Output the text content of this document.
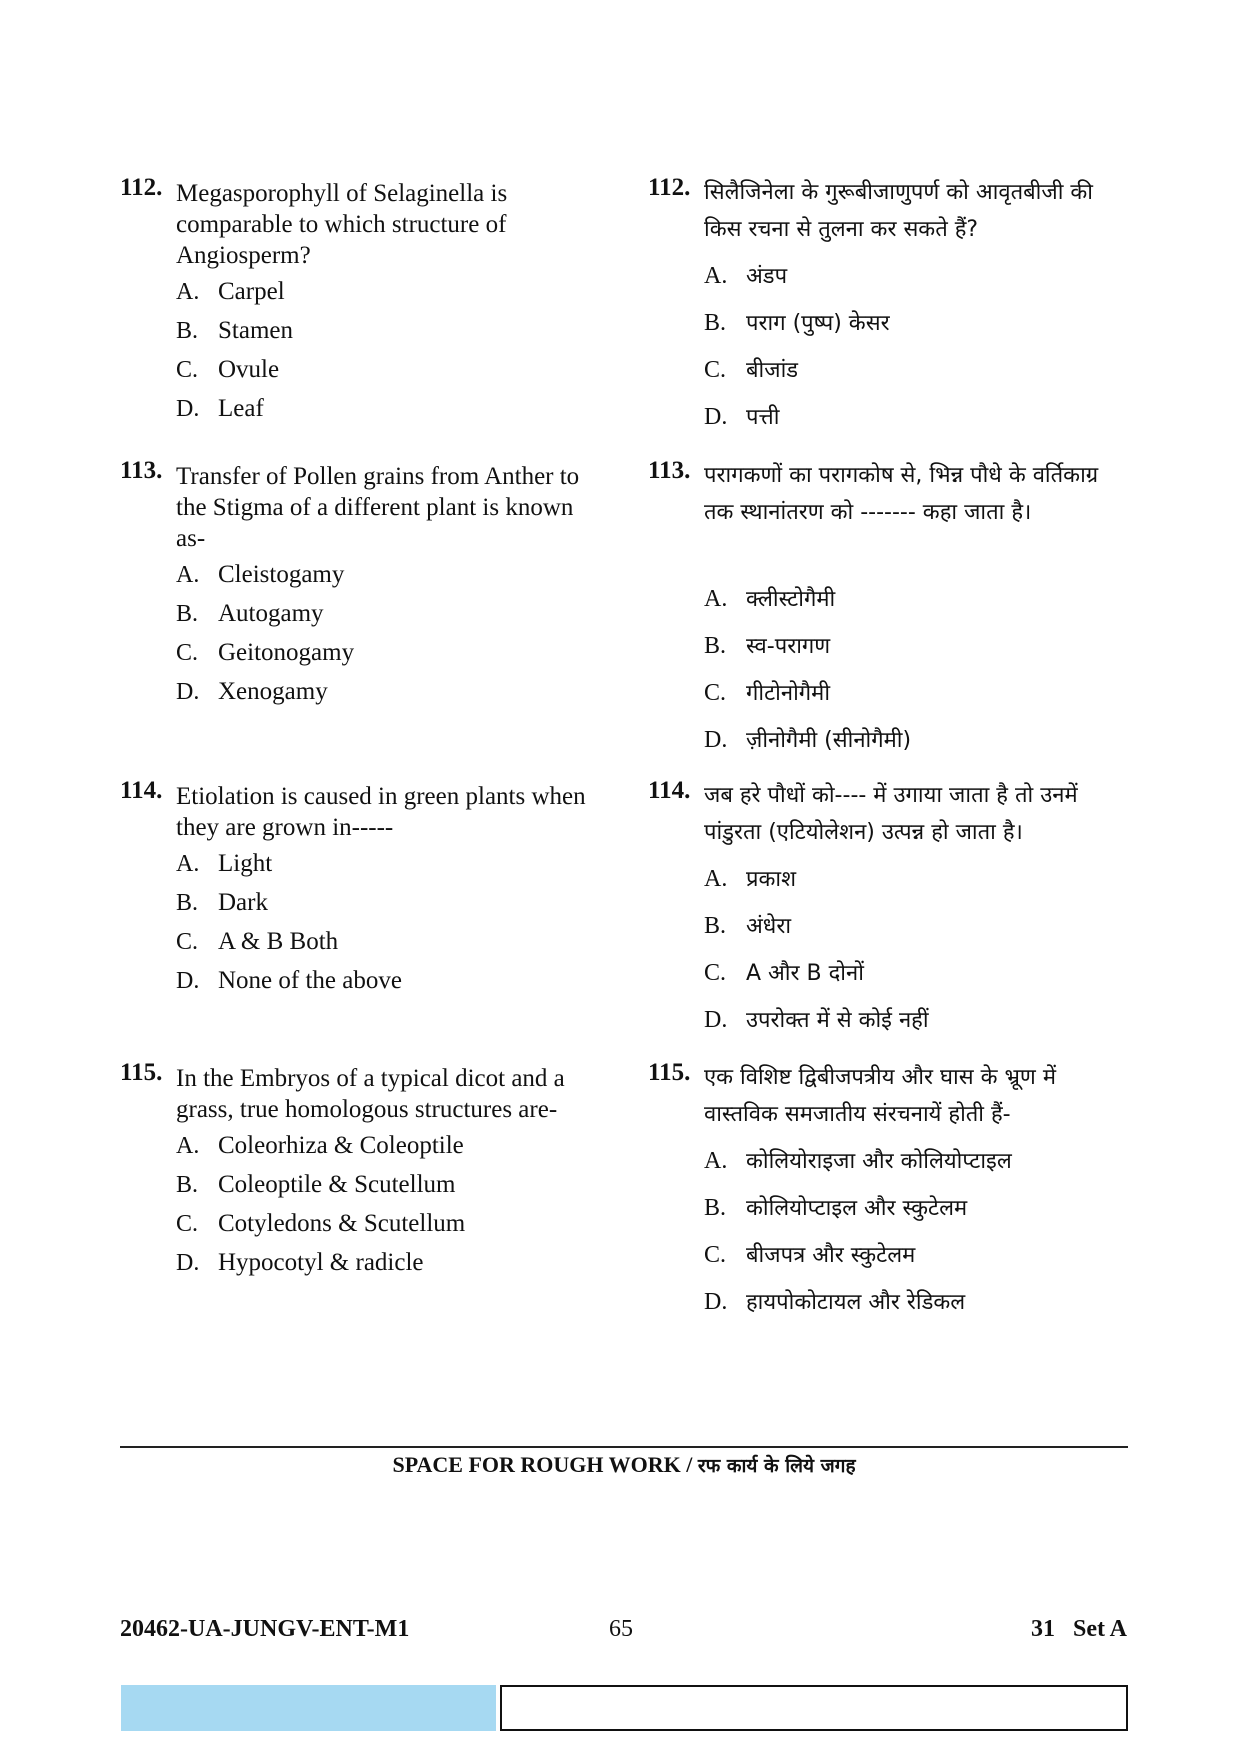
112. Megasporophyll of Selaginella is comparable to which structure of Angiosperm?
A. Carpel
B. Stamen
C. Ovule
D. Leaf
113. Transfer of Pollen grains from Anther to the Stigma of a different plant is known as-
A. Cleistogamy
B. Autogamy
C. Geitonogamy
D. Xenogamy
114. Etiolation is caused in green plants when they are grown in-----
A. Light
B. Dark
C. A & B Both
D. None of the above
115. In the Embryos of a typical dicot and a grass, true homologous structures are-
A. Coleorhiza & Coleoptile
B. Coleoptile & Scutellum
C. Cotyledons & Scutellum
D. Hypocotyl & radicle
112. सिलैजिनेला के गुरूबीजाणुपर्ण को आवृतबीजी की किस रचना से तुलना कर सकते हैं?
A. अंडप
B. पराग (पुष्प) केसर
C. बीजांड
D. पत्ती
113. परागकणों का परागकोष से, भिन्न पौधे के वर्तिकाग्र तक स्थानांतरण को ------- कहा जाता है।
A. क्लीस्टोगैमी
B. स्व-परागण
C. गीटोनोगैमी
D. ज़ीनोगैमी (सीनोगैमी)
114. जब हरे पौधों को---- में उगाया जाता है तो उनमें पांडुरता (एटियोलेशन) उत्पन्न हो जाता है।
A. प्रकाश
B. अंधेरा
C. A और B दोनों
D. उपरोक्त में से कोई नहीं
115. एक विशिष्ट द्विबीजपत्रीय और घास के भ्रूण में वास्तविक समजातीय संरचनायें होती हैं-
A. कोलियोराइजा और कोलियोप्टाइल
B. कोलियोप्टाइल और स्कुटेलम
C. बीजपत्र और स्कुटेलम
D. हायपोकोटायल और रेडिकल
SPACE FOR ROUGH WORK / रफ कार्य के लिये जगह
20462-UA-JUNGV-ENT-M1	65	31   Set A
